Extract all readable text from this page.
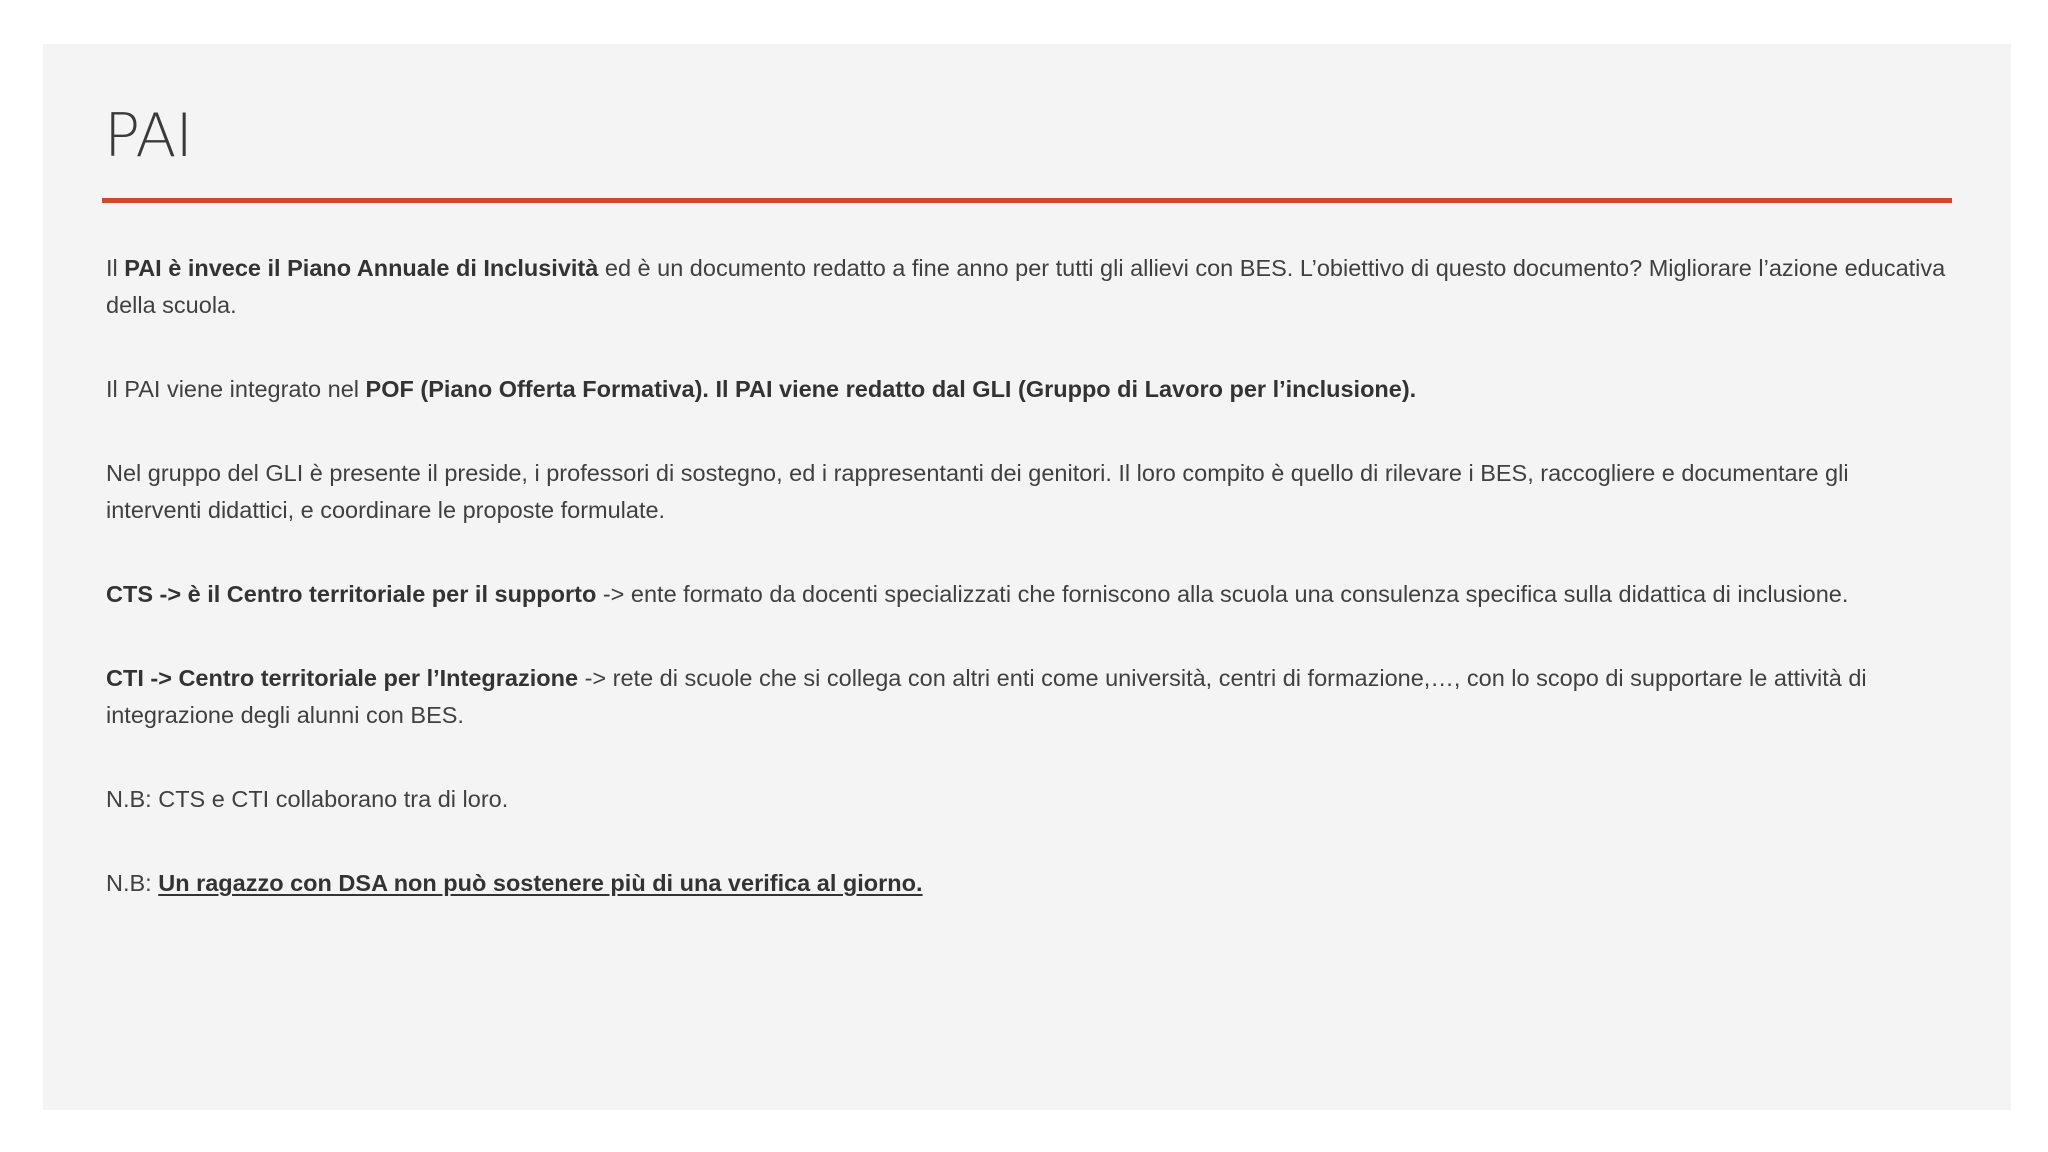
PAI

Il PAI è invece il Piano Annuale di Inclusività ed è un documento redatto a fine anno per tutti gli allievi con BES. L’obiettivo di questo documento? Migliorare l’azione educativa della scuola.

Il PAI viene integrato nel POF (Piano Offerta Formativa). Il PAI viene redatto dal GLI (Gruppo di Lavoro per l’inclusione).

Nel gruppo del GLI è presente il preside, i professori di sostegno, ed i rappresentanti dei genitori. Il loro compito è quello di rilevare i BES, raccogliere e documentare gli interventi didattici, e coordinare le proposte formulate.

CTS -> è il Centro territoriale per il supporto -> ente formato da docenti specializzati che forniscono alla scuola una consulenza specifica sulla didattica di inclusione.

CTI -> Centro territoriale per l’Integrazione -> rete di scuole che si collega con altri enti come università, centri di formazione,…, con lo scopo di supportare le attività di integrazione degli alunni con BES.

N.B: CTS e CTI collaborano tra di loro.

N.B: Un ragazzo con DSA non può sostenere più di una verifica al giorno.
